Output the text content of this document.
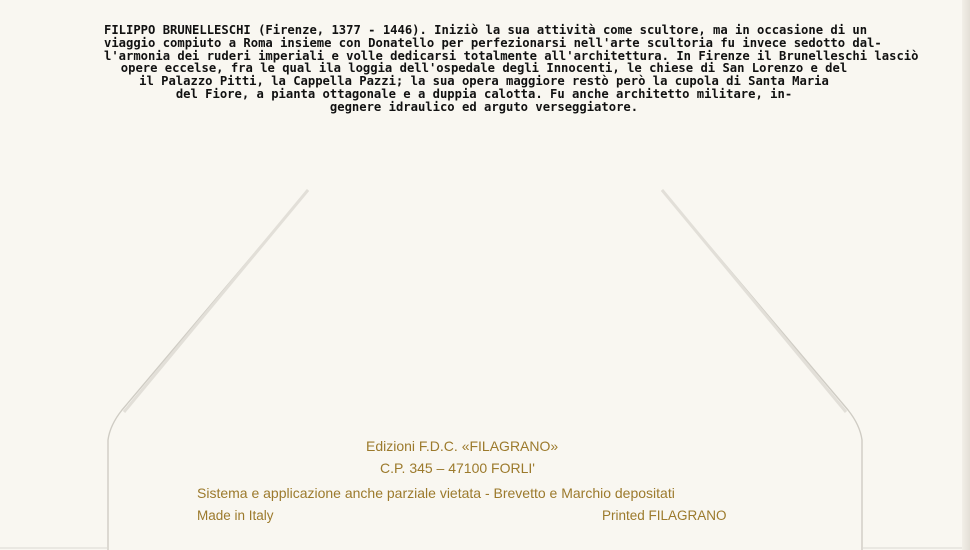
FILIPPO BRUNELLESCHI (Firenze, 1377 - 1446). Iniziò la sua attività come scultore, ma in occasione di un
viaggio compiuto a Roma insieme con Donatello per perfezionarsi nell'arte scultoria fu invece sedotto dal-
l'armonia dei ruderi imperiali e volle dedicarsi totalmente all'architettura. In Firenze il Brunelleschi lasciò
opere eccelse, fra le qual ila loggia dell'ospedale degli Innocenti, le chiese di San Lorenzo e del
il Palazzo Pitti, la Cappella Pazzi; la sua opera maggiore restò però la cupola di Santa Maria
del Fiore, a pianta ottagonale e a duppia calotta. Fu anche architetto militare, in-
gegnere idraulico ed arguto verseggiatore.
Edizioni F.D.C. «FILAGRANO»
C.P. 345 – 47100 FORLI'
Sistema e applicazione anche parziale vietata - Brevetto e Marchio depositati
Made in Italy	Printed FILAGRANO
